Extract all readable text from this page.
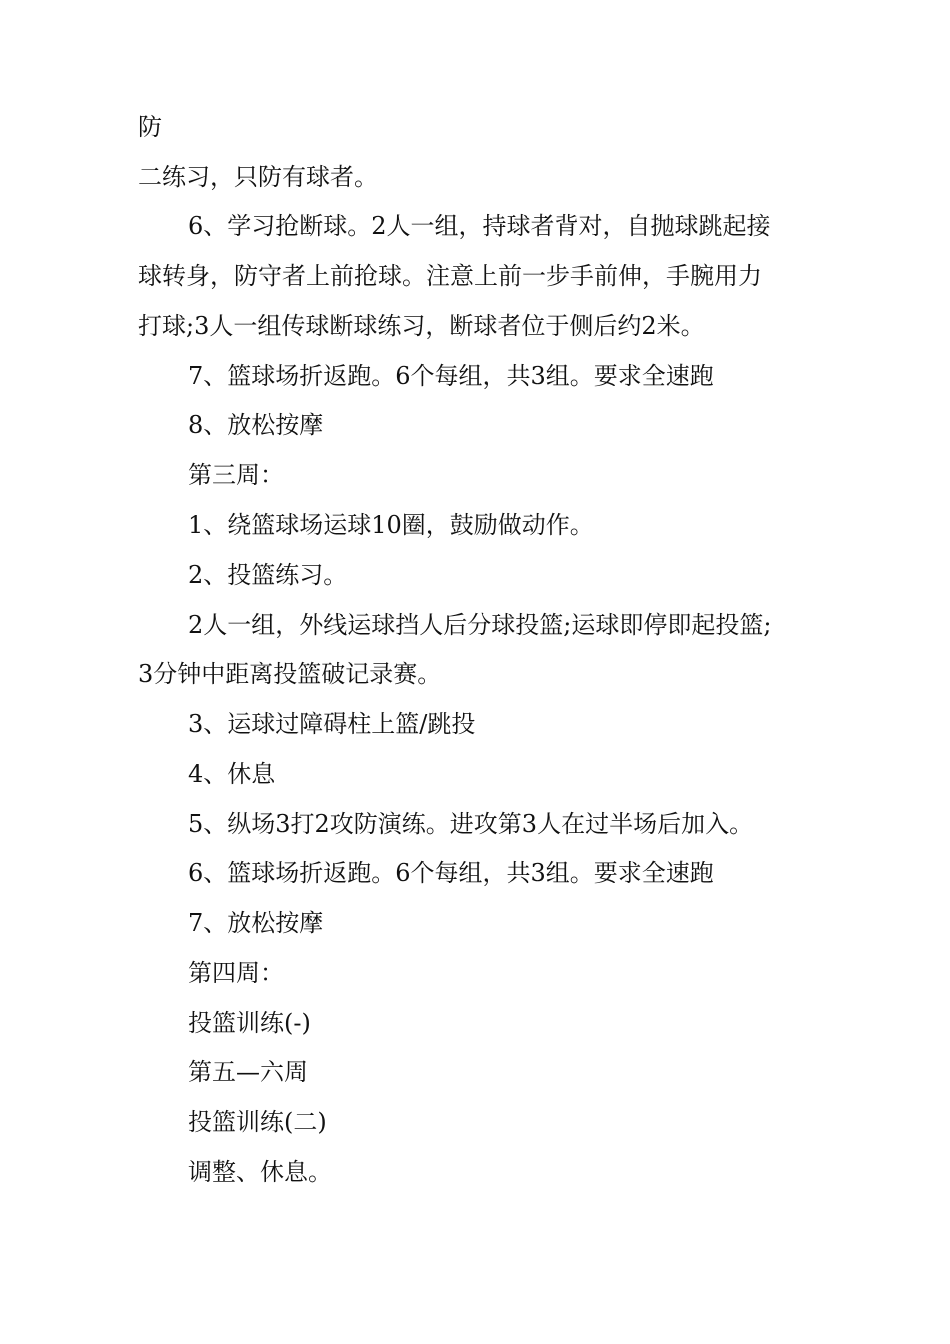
防
二练习，只防有球者。
6、学习抢断球。2人一组，持球者背对，自抛球跳起接
球转身，防守者上前抢球。注意上前一步手前伸，手腕用力
打球;3人一组传球断球练习，断球者位于侧后约2米。
7、篮球场折返跑。6个每组，共3组。要求全速跑
8、放松按摩
第三周：
1、绕篮球场运球10圈，鼓励做动作。
2、投篮练习。
2人一组，外线运球挡人后分球投篮;运球即停即起投篮;
3分钟中距离投篮破记录赛。
3、运球过障碍柱上篮/跳投
4、休息
5、纵场3打2攻防演练。进攻第3人在过半场后加入。
6、篮球场折返跑。6个每组，共3组。要求全速跑
7、放松按摩
第四周：
投篮训练(-)
第五—六周
投篮训练(二)
调整、休息。
